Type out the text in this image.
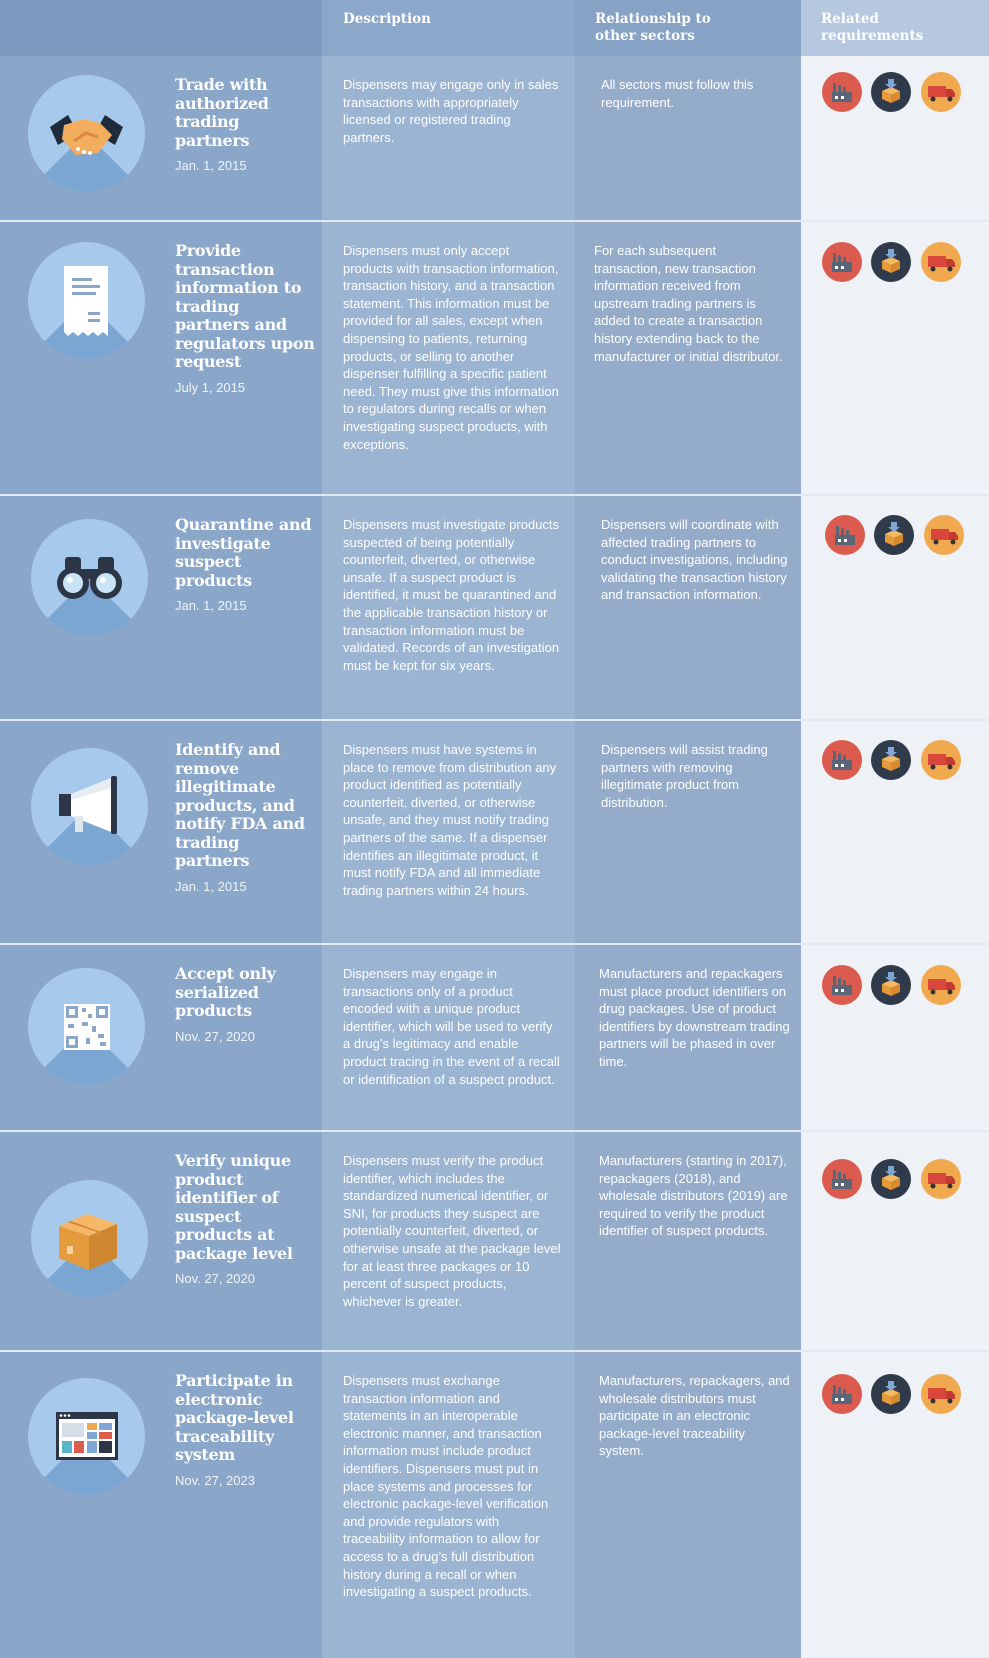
Description	Relationship to
other sectors
Related
requirements
Trade with authorized trading partners
Jan. 1, 2015
Dispensers may engage only in sales transactions with appropriately licensed or registered trading partners.
All sectors must follow this requirement.
Provide transaction information to trading partners and regulators upon request
July 1, 2015
Dispensers must only accept products with transaction information, transaction history, and a transaction statement. This information must be provided for all sales, except when dispensing to patients, returning products, or selling to another dispenser fulfilling a specific patient need. They must give this information to regulators during recalls or when investigating suspect products, with exceptions.
For each subsequent transaction, new transaction information received from upstream trading partners is added to create a transaction history extending back to the manufacturer or initial distributor.
Quarantine and investigate suspect products
Jan. 1, 2015
Dispensers must investigate products suspected of being potentially counterfeit, diverted, or otherwise unsafe. If a suspect product is identified, it must be quarantined and the applicable transaction history or transaction information must be validated. Records of an investigation must be kept for six years.
Dispensers will coordinate with affected trading partners to conduct investigations, including validating the transaction history and transaction information.
Identify and remove illegitimate products, and notify FDA and trading partners
Jan. 1, 2015
Dispensers must have systems in place to remove from distribution any product identified as potentially counterfeit, diverted, or otherwise unsafe, and they must notify trading partners of the same. If a dispenser identifies an illegitimate product, it must notify FDA and all immediate trading partners within 24 hours.
Dispensers will assist trading partners with removing illegitimate product from distribution.
Accept only serialized products
Nov. 27, 2020
Dispensers may engage in transactions only of a product encoded with a unique product identifier, which will be used to verify a drug’s legitimacy and enable product tracing in the event of a recall or identification of a suspect product.
Manufacturers and repackagers must place product identifiers on drug packages. Use of product identifiers by downstream trading partners will be phased in over time.
Verify unique product identifier of suspect products at package level
Nov. 27, 2020
Dispensers must verify the product identifier, which includes the standardized numerical identifier, or SNI, for products they suspect are potentially counterfeit, diverted, or otherwise unsafe at the package level for at least three packages or 10 percent of suspect products, whichever is greater.
Manufacturers (starting in 2017), repackagers (2018), and wholesale distributors (2019) are required to verify the product identifier of suspect products.
Participate in electronic package-level traceability system
Nov. 27, 2023
Dispensers must exchange transaction information and statements in an interoperable electronic manner, and transaction information must include product identifiers. Dispensers must put in place systems and processes for electronic package-level verification and provide regulators with traceability information to allow for access to a drug’s full distribution history during a recall or when investigating a suspect products.
Manufacturers, repackagers, and wholesale distributors must participate in an electronic package-level traceability system.
